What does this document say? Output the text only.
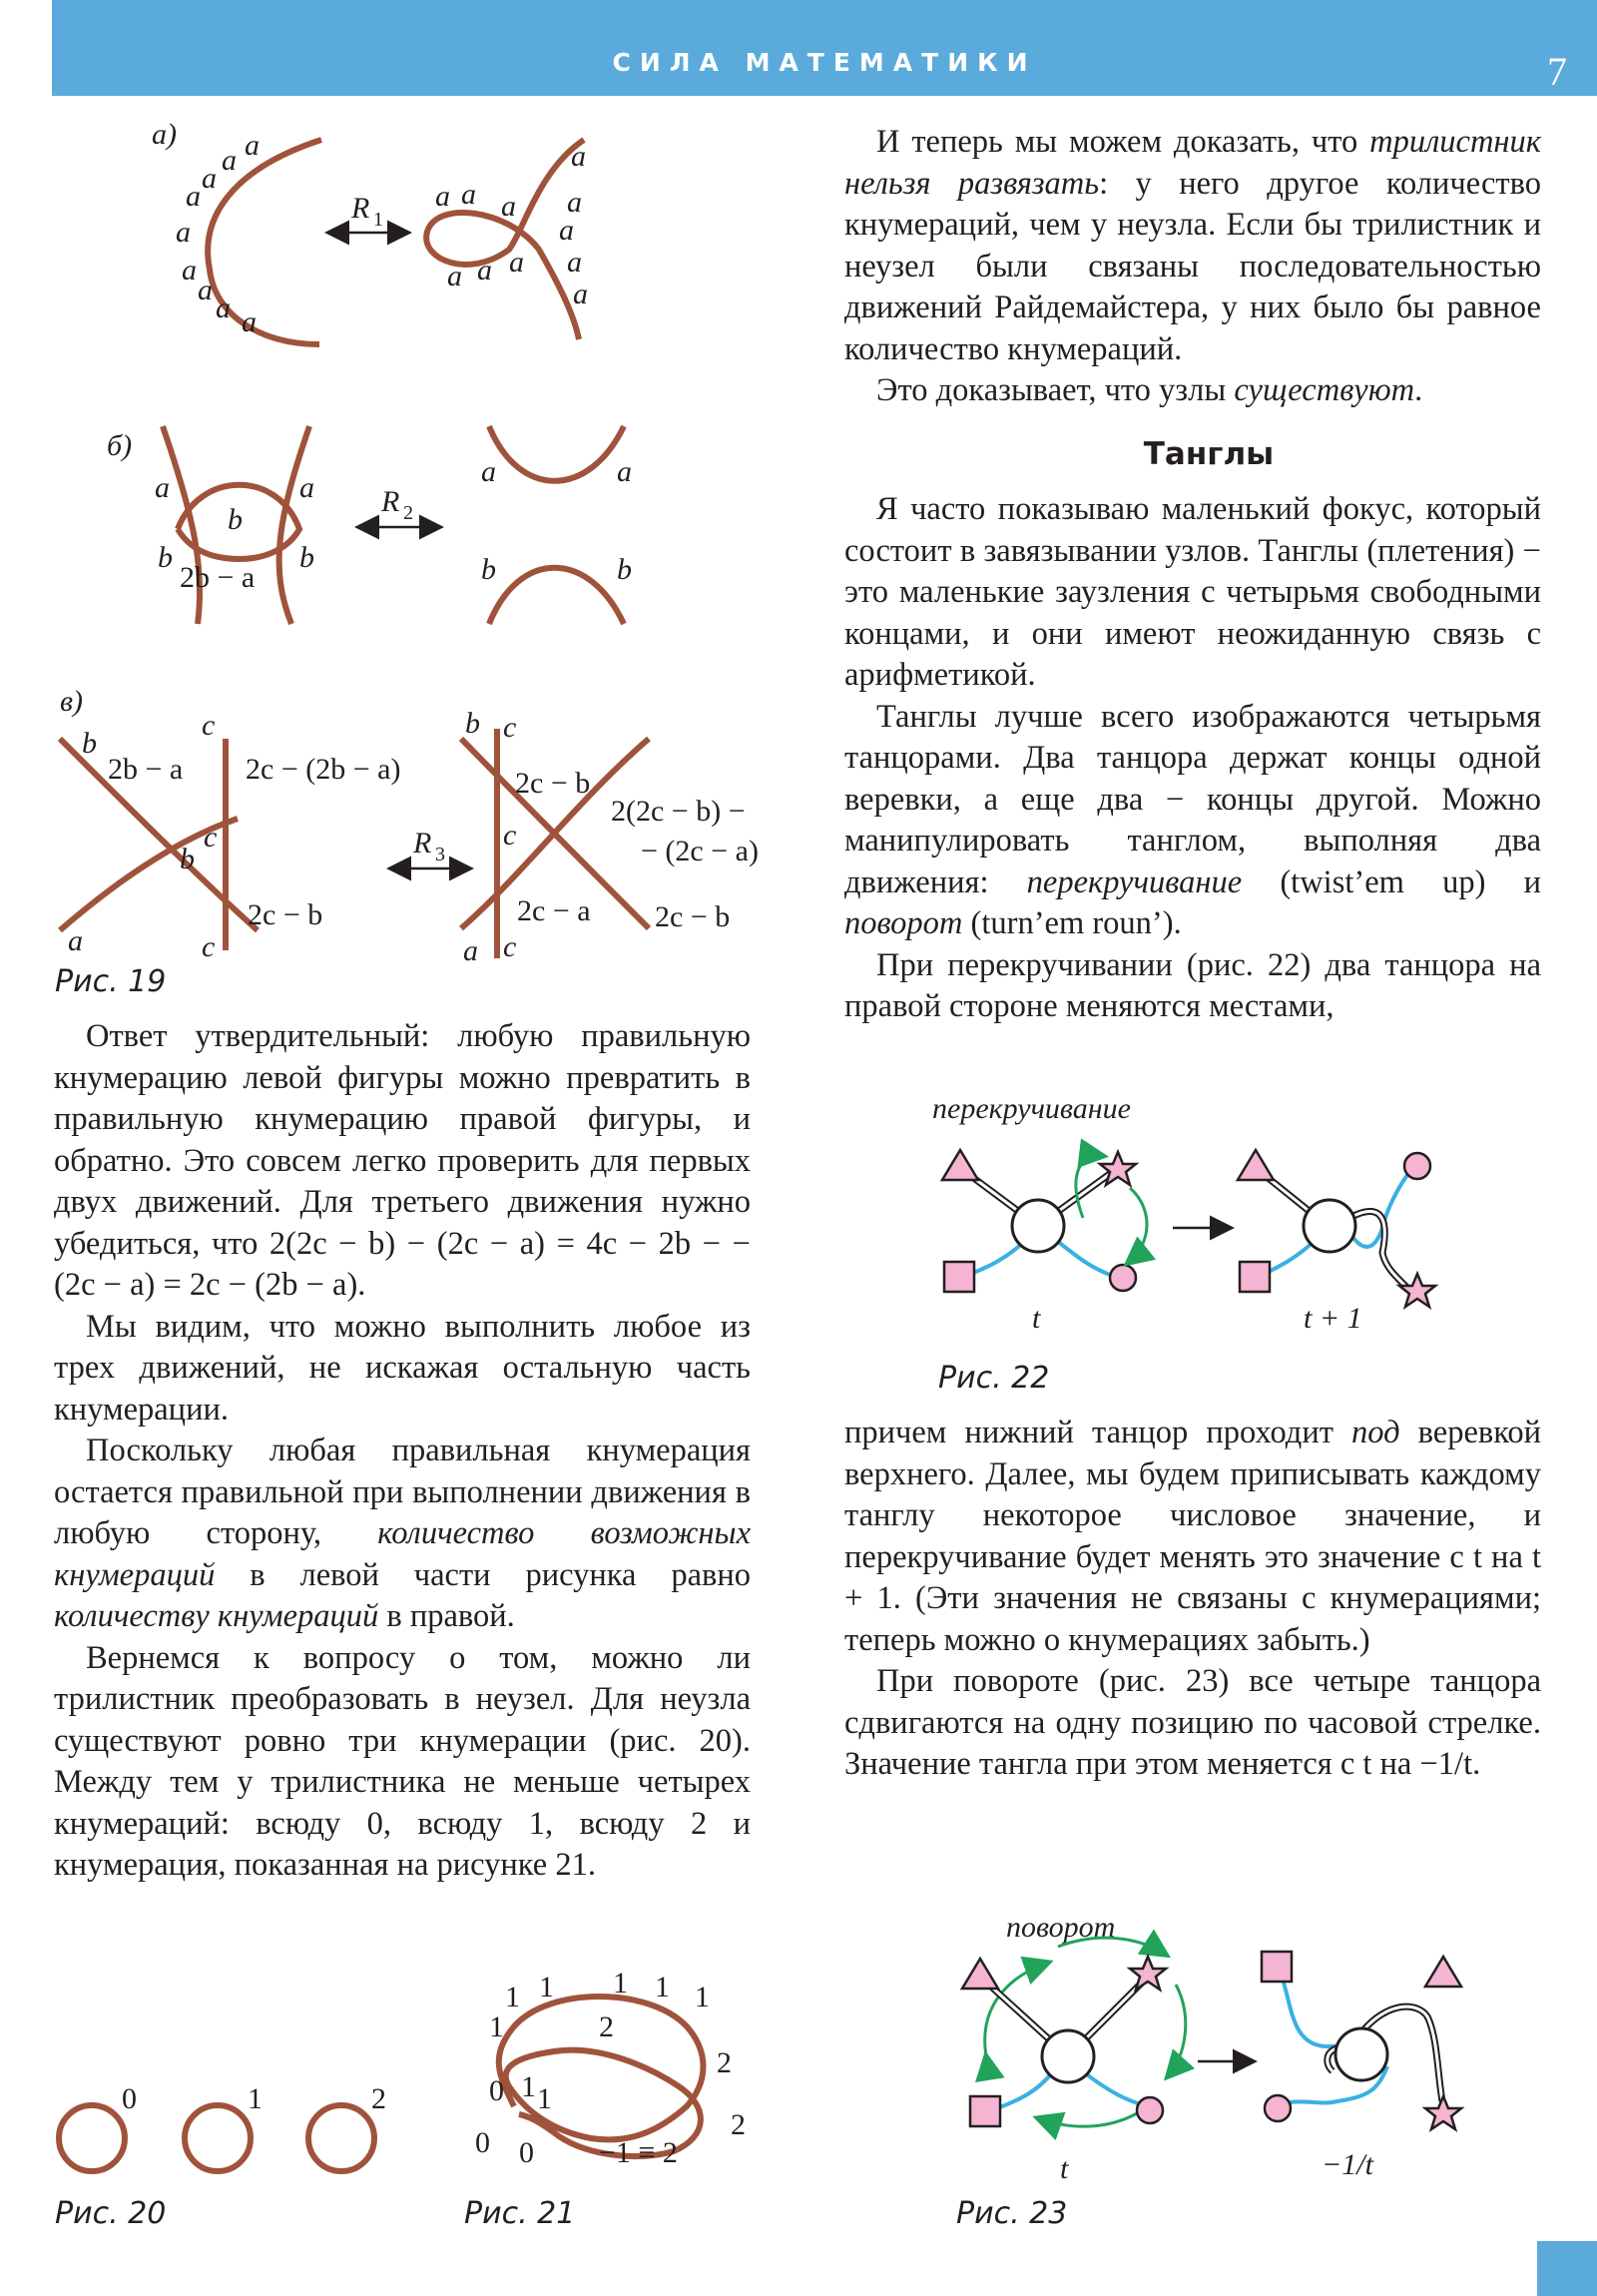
СИЛА МАТЕМАТИКИ	7
а) a
a
a
a
a
a
a
a a
R 1
a a a
a
a
a
a
a
a a a
б)
a	a
b
b	b
2b − a
R 2
a	a
b	b
в)
b
2b − a
c
2c − (2b − a)
c
b
2c − b
a	c
R 3
b c
2c − b
2(2c − b) −
− (2c − a)
c
2c − a 2c − b
a c
Рис. 19

Ответ утвердительный: любую правильную кнумерацию левой фигуры можно превратить в правильную кнумерацию правой фигуры, и обратно. Это совсем легко проверить для первых двух движений. Для третьего движения нужно убедиться, что 2(2c − b) − (2c − a) = 4c − 2b − − (2c − a) = 2c − (2b − a).

Мы видим, что можно выполнить любое из трех движений, не искажая остальную часть кнумерации.

Поскольку любая правильная кнумерация остается правильной при выполнении движения в любую сторону, количество возможных кнумераций в левой части рисунка равно количеству кнумераций в правой.

Вернемся к вопросу о том, можно ли трилистник преобразовать в неузел. Для неузла существуют ровно три кнумерации (рис. 20). Между тем у трилистника не меньше четырех кнумераций: всюду 0, всюду 1, всюду 2 и кнумерация, показанная на рисунке 21.

0	1	2
Рис. 20
1 1 1 1 1
1	2
2
0 1 1
2
0 0 −1 ≡ 2
Рис. 21

И теперь мы можем доказать, что трилистник нельзя развязать: у него другое количество кнумераций, чем у неузла. Если бы трилистник и неузел были связаны последовательностью движений Райдемайстера, у них было бы равное количество кнумераций.

Это доказывает, что узлы существуют.

Танглы

Я часто показываю маленький фокус, который состоит в завязывании узлов. Танглы (плетения) − это маленькие заузления с четырьмя свободными концами, и они имеют неожиданную связь с арифметикой.

Танглы лучше всего изображаются четырьмя танцорами. Два танцора держат концы одной веревки, а еще два − концы другой. Можно манипулировать танглом, выполняя два движения: перекручивание (twist’em up) и поворот (turn’em roun’).

При перекручивании (рис. 22) два танцора на правой стороне меняются местами,

перекручивание
t	t + 1
Рис. 22

причем нижний танцор проходит под веревкой верхнего. Далее, мы будем приписывать каждому танглу некоторое числовое значение, и перекручивание будет менять это значение с t на t + 1. (Эти значения не связаны с кнумерациями; теперь можно о кнумерациях забыть.)

При повороте (рис. 23) все четыре танцора сдвигаются на одну позицию по часовой стрелке. Значение тангла при этом меняется с t на −1/t.

поворот
t	−1/t
Рис. 23
